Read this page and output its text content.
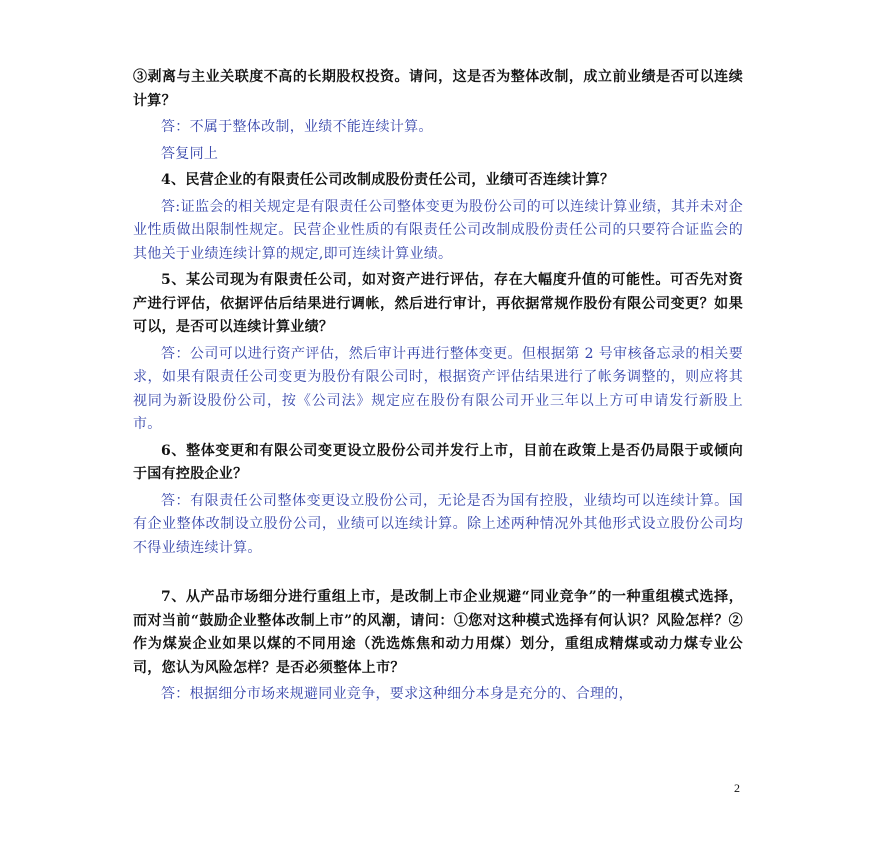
③剥离与主业关联度不高的长期股权投资。请问，这是否为整体改制，成立前业绩是否可以连续计算？

答：不属于整体改制，业绩不能连续计算。

答复同上

4、民营企业的有限责任公司改制成股份责任公司，业绩可否连续计算？

答:证监会的相关规定是有限责任公司整体变更为股份公司的可以连续计算业绩，其并未对企业性质做出限制性规定。民营企业性质的有限责任公司改制成股份责任公司的只要符合证监会的其他关于业绩连续计算的规定,即可连续计算业绩。

5、某公司现为有限责任公司，如对资产进行评估，存在大幅度升值的可能性。可否先对资产进行评估，依据评估后结果进行调帐，然后进行审计，再依据常规作股份有限公司变更？如果可以，是否可以连续计算业绩？

答：公司可以进行资产评估，然后审计再进行整体变更。但根据第 2 号审核备忘录的相关要求，如果有限责任公司变更为股份有限公司时，根据资产评估结果进行了帐务调整的，则应将其视同为新设股份公司，按《公司法》规定应在股份有限公司开业三年以上方可申请发行新股上市。

6、整体变更和有限公司变更设立股份公司并发行上市，目前在政策上是否仍局限于或倾向于国有控股企业？

答：有限责任公司整体变更设立股份公司，无论是否为国有控股，业绩均可以连续计算。国有企业整体改制设立股份公司，业绩可以连续计算。除上述两种情况外其他形式设立股份公司均不得业绩连续计算。

7、从产品市场细分进行重组上市，是改制上市企业规避“同业竞争”的一种重组模式选择，而对当前“鼓励企业整体改制上市”的风潮，请问：①您对这种模式选择有何认识？风险怎样？②作为煤炭企业如果以煤的不同用途（洗选炼焦和动力用煤）划分，重组成精煤或动力煤专业公司，您认为风险怎样？是否必须整体上市？

答：根据细分市场来规避同业竞争，要求这种细分本身是充分的、合理的，

2
